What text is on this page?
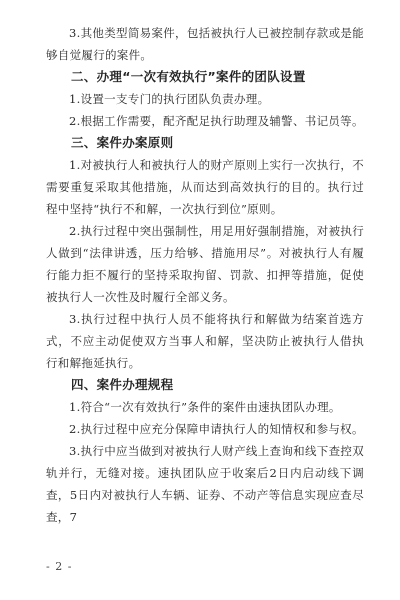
3.其他类型简易案件，包括被执行人已被控制存款或是能够自觉履行的案件。

二、办理“一次有效执行”案件的团队设置

1.设置一支专门的执行团队负责办理。

2.根据工作需要，配齐配足执行助理及辅警、书记员等。

三、案件办案原则

1.对被执行人和被执行人的财产原则上实行一次执行，不需要重复采取其他措施，从而达到高效执行的目的。执行过程中坚持“执行不和解，一次执行到位”原则。

2.执行过程中突出强制性，用足用好强制措施，对被执行人做到“法律讲透，压力给够、措施用尽”。对被执行人有履行能力拒不履行的坚持采取拘留、罚款、扣押等措施，促使被执行人一次性及时履行全部义务。

3.执行过程中执行人员不能将执行和解做为结案首选方式，不应主动促使双方当事人和解，坚决防止被执行人借执行和解拖延执行。

四、案件办理规程

1.符合“一次有效执行”条件的案件由速执团队办理。

2.执行过程中应充分保障申请执行人的知情权和参与权。

3.执行中应当做到对被执行人财产线上查询和线下查控双轨并行，无缝对接。速执团队应于收案后2日内启动线下调查，5日内对被执行人车辆、证券、不动产等信息实现应查尽查，7

- 2 -
